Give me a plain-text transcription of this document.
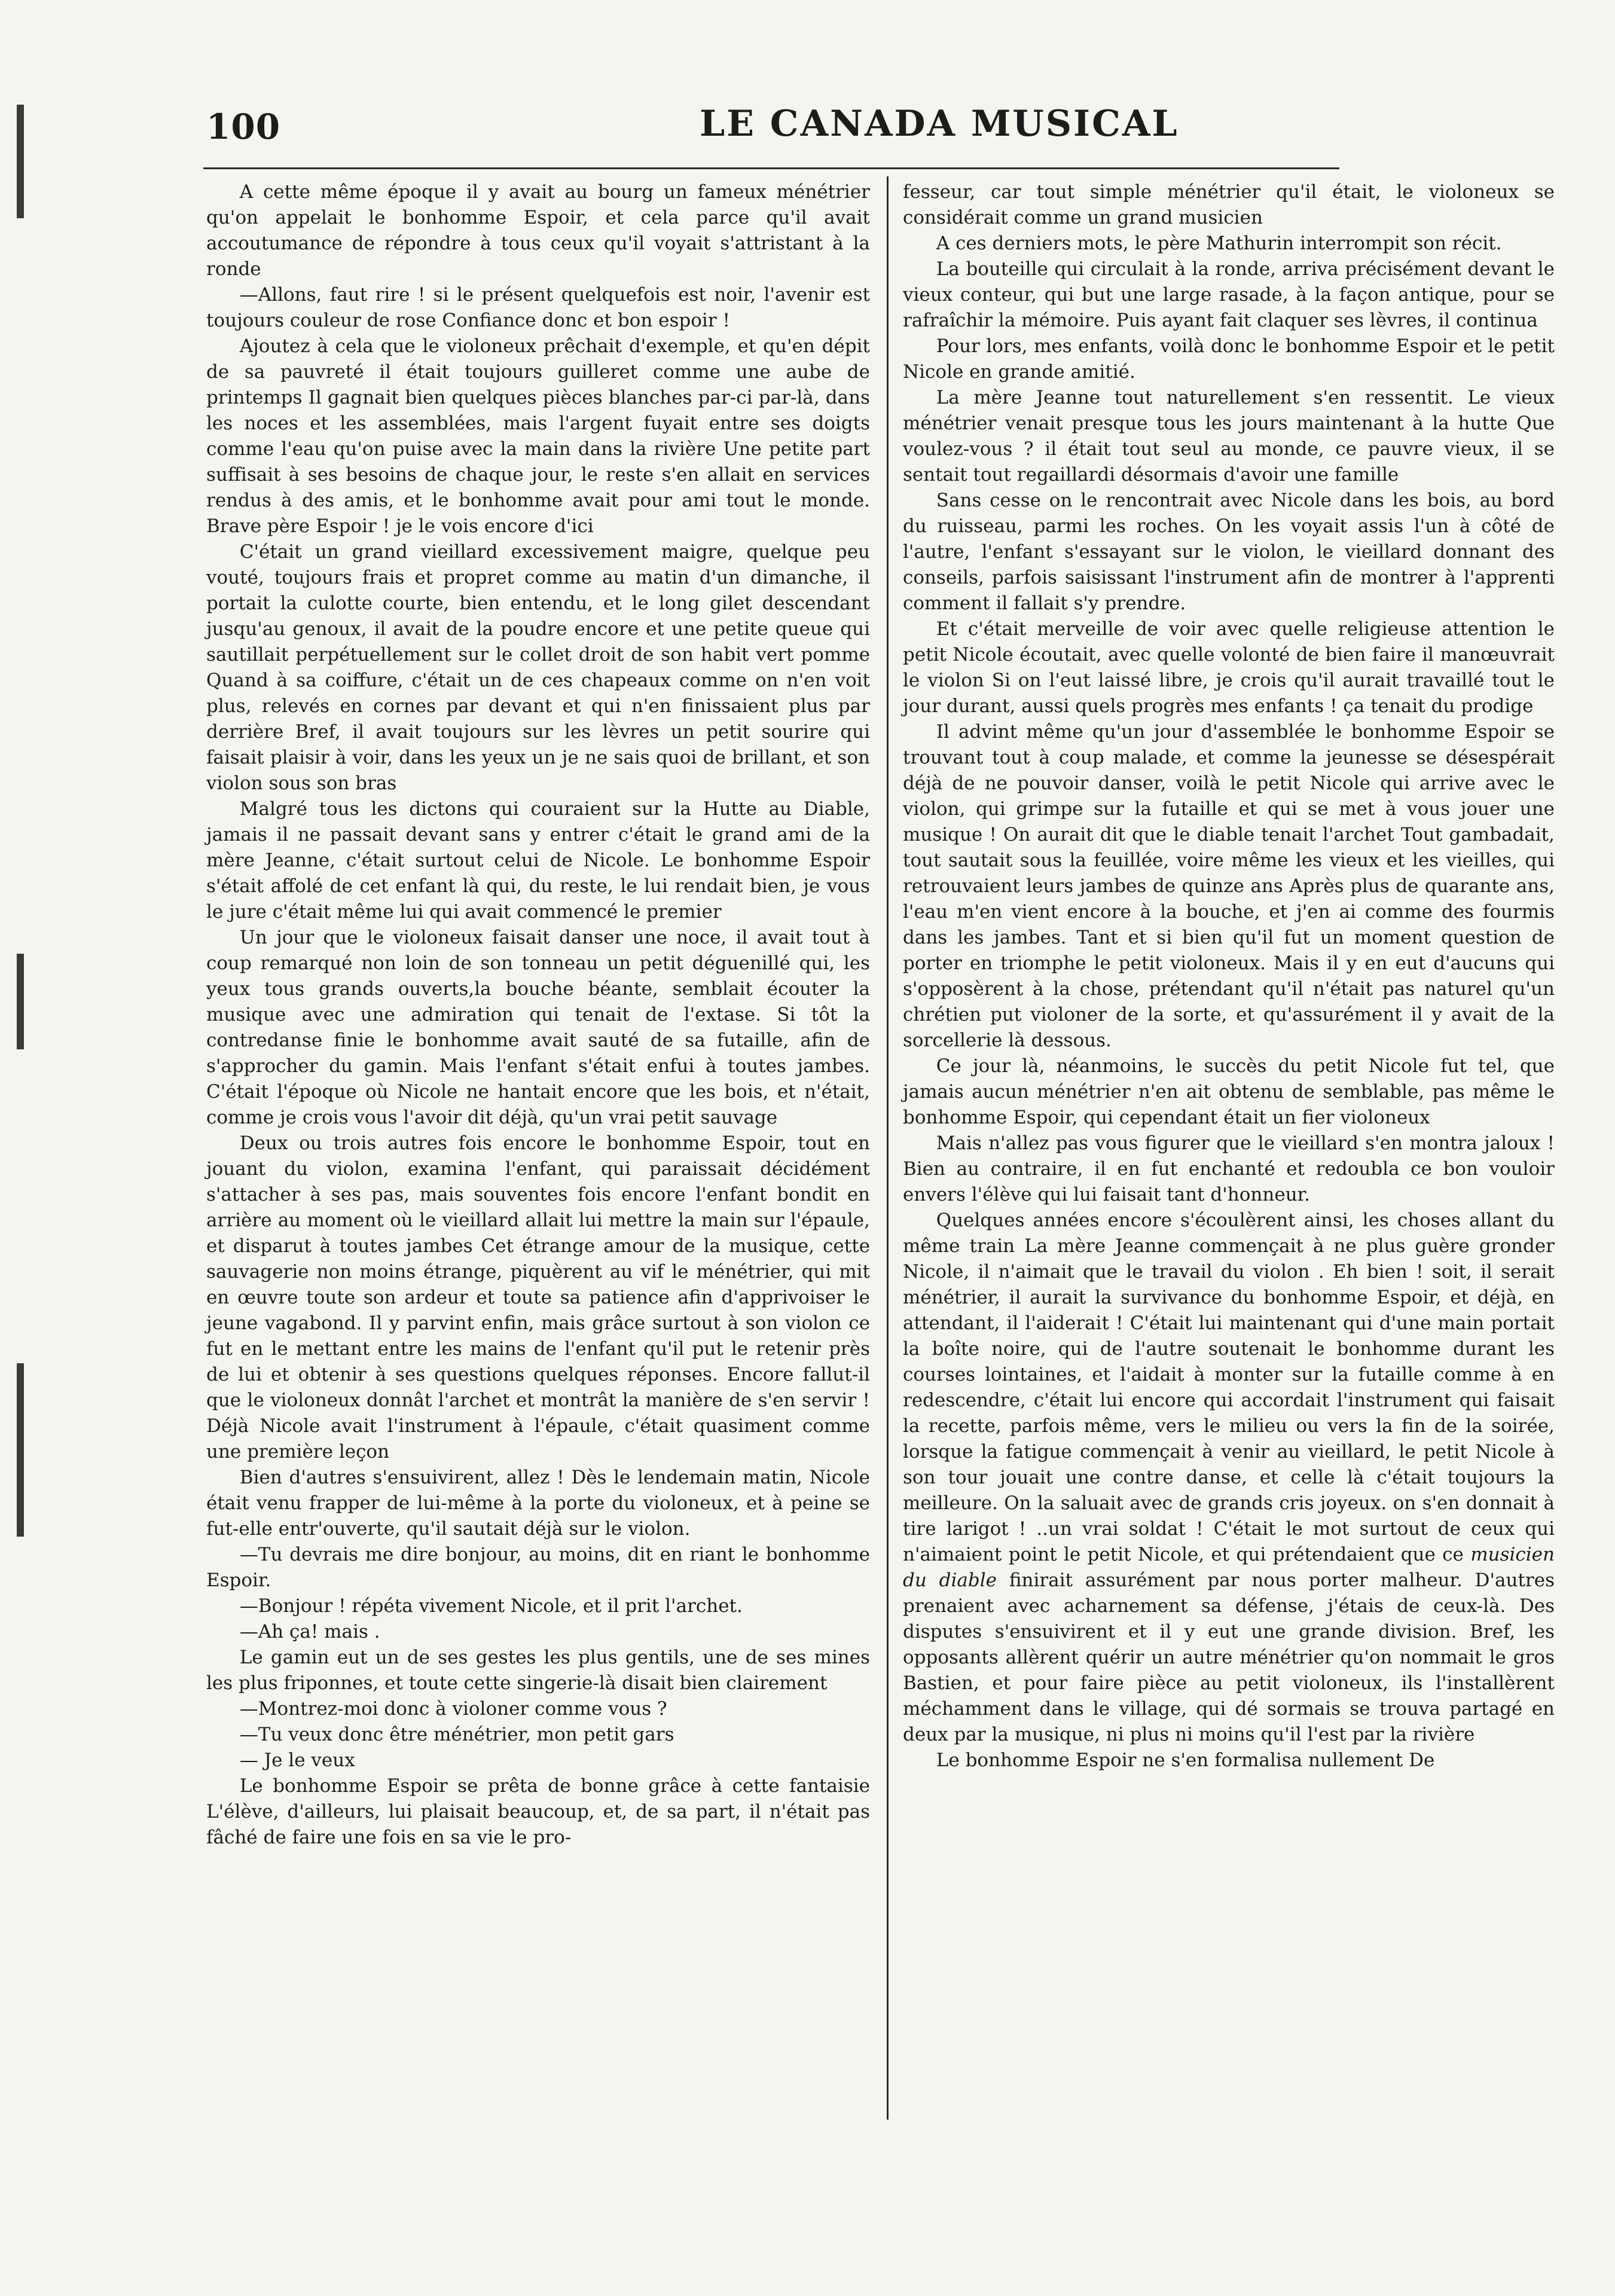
100	LE CANADA MUSICAL

A cette même époque il y avait au bourg un fameux ménétrier qu'on appelait le bonhomme Espoir, et cela parce qu'il avait accoutumance de répondre à tous ceux qu'il voyait s'attristant à la ronde

—Allons, faut rire ! si le présent quelquefois est noir, l'avenir est toujours couleur de rose Confiance donc et bon espoir !

Ajoutez à cela que le violoneux prêchait d'exemple, et qu'en dépit de sa pauvreté il était toujours guilleret comme une aube de printemps Il gagnait bien quelques pièces blanches par-ci par-là, dans les noces et les assemblées, mais l'argent fuyait entre ses doigts comme l'eau qu'on puise avec la main dans la rivière Une petite part suffisait à ses besoins de chaque jour, le reste s'en allait en services rendus à des amis, et le bonhomme avait pour ami tout le monde. Brave père Espoir ! je le vois encore d'ici

C'était un grand vieillard excessivement maigre, quelque peu vouté, toujours frais et propret comme au matin d'un dimanche, il portait la culotte courte, bien entendu, et le long gilet descendant jusqu'au genoux, il avait de la poudre encore et une petite queue qui sautillait perpétuellement sur le collet droit de son habit vert pomme Quand à sa coiffure, c'était un de ces chapeaux comme on n'en voit plus, relevés en cornes par devant et qui n'en finissaient plus par derrière Bref, il avait toujours sur les lèvres un petit sourire qui faisait plaisir à voir, dans les yeux un je ne sais quoi de brillant, et son violon sous son bras

Malgré tous les dictons qui couraient sur la Hutte au Diable, jamais il ne passait devant sans y entrer c'était le grand ami de la mère Jeanne, c'était surtout celui de Nicole. Le bonhomme Espoir s'était affolé de cet enfant là qui, du reste, le lui rendait bien, je vous le jure c'était même lui qui avait commencé le premier

Un jour que le violoneux faisait danser une noce, il avait tout à coup remarqué non loin de son tonneau un petit déguenillé qui, les yeux tous grands ouverts,la bouche béante, semblait écouter la musique avec une admiration qui tenait de l'extase. Si tôt la contredanse finie le bonhomme avait sauté de sa futaille, afin de s'approcher du gamin. Mais l'enfant s'était enfui à toutes jambes. C'était l'époque où Nicole ne hantait encore que les bois, et n'était, comme je crois vous l'avoir dit déjà, qu'un vrai petit sauvage

Deux ou trois autres fois encore le bonhomme Espoir, tout en jouant du violon, examina l'enfant, qui paraissait décidément s'attacher à ses pas, mais souventes fois encore l'enfant bondit en arrière au moment où le vieillard allait lui mettre la main sur l'épaule, et disparut à toutes jambes Cet étrange amour de la musique, cette sauvagerie non moins étrange, piquèrent au vif le ménétrier, qui mit en œuvre toute son ardeur et toute sa patience afin d'apprivoiser le jeune vagabond. Il y parvint enfin, mais grâce surtout à son violon ce fut en le mettant entre les mains de l'enfant qu'il put le retenir près de lui et obtenir à ses questions quelques réponses. Encore fallut-il que le violoneux donnât l'archet et montrât la manière de s'en servir ! Déjà Nicole avait l'instrument à l'épaule, c'était quasiment comme une première leçon

Bien d'autres s'ensuivirent, allez ! Dès le lendemain matin, Nicole était venu frapper de lui-même à la porte du violoneux, et à peine se fut-elle entr'ouverte, qu'il sautait déjà sur le violon.

—Tu devrais me dire bonjour, au moins, dit en riant le bonhomme Espoir.

—Bonjour ! répéta vivement Nicole, et il prit l'archet.

—Ah ça! mais .

Le gamin eut un de ses gestes les plus gentils, une de ses mines les plus friponnes, et toute cette singerie-là disait bien clairement

—Montrez-moi donc à violoner comme vous ?

—Tu veux donc être ménétrier, mon petit gars

— Je le veux

Le bonhomme Espoir se prêta de bonne grâce à cette fantaisie L'élève, d'ailleurs, lui plaisait beaucoup, et, de sa part, il n'était pas fâché de faire une fois en sa vie le pro-

fesseur, car tout simple ménétrier qu'il était, le violoneux se considérait comme un grand musicien

A ces derniers mots, le père Mathurin interrompit son récit.

La bouteille qui circulait à la ronde, arriva précisément devant le vieux conteur, qui but une large rasade, à la façon antique, pour se rafraîchir la mémoire. Puis ayant fait claquer ses lèvres, il continua

Pour lors, mes enfants, voilà donc le bonhomme Espoir et le petit Nicole en grande amitié.

La mère Jeanne tout naturellement s'en ressentit. Le vieux ménétrier venait presque tous les jours maintenant à la hutte Que voulez-vous ? il était tout seul au monde, ce pauvre vieux, il se sentait tout regaillardi désormais d'avoir une famille

Sans cesse on le rencontrait avec Nicole dans les bois, au bord du ruisseau, parmi les roches. On les voyait assis l'un à côté de l'autre, l'enfant s'essayant sur le violon, le vieillard donnant des conseils, parfois saisissant l'instrument afin de montrer à l'apprenti comment il fallait s'y prendre.

Et c'était merveille de voir avec quelle religieuse attention le petit Nicole écoutait, avec quelle volonté de bien faire il manœuvrait le violon Si on l'eut laissé libre, je crois qu'il aurait travaillé tout le jour durant, aussi quels progrès mes enfants ! ça tenait du prodige

Il advint même qu'un jour d'assemblée le bonhomme Espoir se trouvant tout à coup malade, et comme la jeunesse se désespérait déjà de ne pouvoir danser, voilà le petit Nicole qui arrive avec le violon, qui grimpe sur la futaille et qui se met à vous jouer une musique ! On aurait dit que le diable tenait l'archet Tout gambadait, tout sautait sous la feuillée, voire même les vieux et les vieilles, qui retrouvaient leurs jambes de quinze ans Après plus de quarante ans, l'eau m'en vient encore à la bouche, et j'en ai comme des fourmis dans les jambes. Tant et si bien qu'il fut un moment question de porter en triomphe le petit violoneux. Mais il y en eut d'aucuns qui s'opposèrent à la chose, prétendant qu'il n'était pas naturel qu'un chrétien put violoner de la sorte, et qu'assurément il y avait de la sorcellerie là dessous.

Ce jour là, néanmoins, le succès du petit Nicole fut tel, que jamais aucun ménétrier n'en ait obtenu de semblable, pas même le bonhomme Espoir, qui cependant était un fier violoneux

Mais n'allez pas vous figurer que le vieillard s'en montra jaloux ! Bien au contraire, il en fut enchanté et redoubla ce bon vouloir envers l'élève qui lui faisait tant d'honneur.

Quelques années encore s'écoulèrent ainsi, les choses allant du même train La mère Jeanne commençait à ne plus guère gronder Nicole, il n'aimait que le travail du violon . Eh bien ! soit, il serait ménétrier, il aurait la survivance du bonhomme Espoir, et déjà, en attendant, il l'aiderait ! C'était lui maintenant qui d'une main portait la boîte noire, qui de l'autre soutenait le bonhomme durant les courses lointaines, et l'aidait à monter sur la futaille comme à en redescendre, c'était lui encore qui accordait l'instrument qui faisait la recette, parfois même, vers le milieu ou vers la fin de la soirée, lorsque la fatigue commençait à venir au vieillard, le petit Nicole à son tour jouait une contre danse, et celle là c'était toujours la meilleure. On la saluait avec de grands cris joyeux. on s'en donnait à tire larigot ! ..un vrai soldat ! C'était le mot surtout de ceux qui n'aimaient point le petit Nicole, et qui prétendaient que ce musicien du diable finirait assurément par nous porter malheur. D'autres prenaient avec acharnement sa défense, j'étais de ceux-là. Des disputes s'ensuivirent et il y eut une grande division. Bref, les opposants allèrent quérir un autre ménétrier qu'on nommait le gros Bastien, et pour faire pièce au petit violoneux, ils l'installèrent méchamment dans le village, qui dé sormais se trouva partagé en deux par la musique, ni plus ni moins qu'il l'est par la rivière

Le bonhomme Espoir ne s'en formalisa nullement De
